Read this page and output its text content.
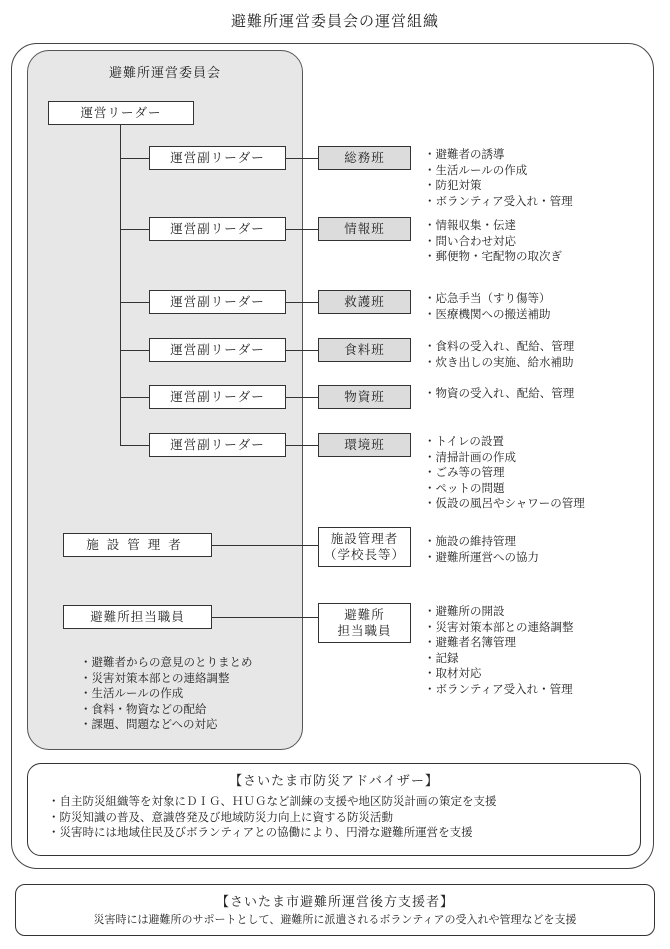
避難所運営委員会の運営組織
避難所運営委員会
運営リーダー
運営副リーダー	総務班	・ 避難者の誘導
・ 生活ルールの作成
・ 防犯対策
・ ボランティア受入れ・管理
運営副リーダー	情報班	・ 情報収集・伝達
・ 問い合わせ対応
・ 郵便物・宅配物の取次ぎ
運営副リーダー	救護班	・ 応急手当（すり傷等）
・ 医療機関への搬送補助
運営副リーダー	食料班	・ 食料の受入れ、配給、管理
・ 炊き出しの実施、給水補助
運営副リーダー	物資班	・ 物資の受入れ、配給、管理
運営副リーダー	環境班	・ トイレの設置
・ 清掃計画の作成
・ ごみ等の管理
・ ペットの問題
・ 仮設の風呂やシャワーの管理
施設管理者	施設管理者
（学校長等）
・ 施設の維持管理
・ 避難所運営への協力
避難所担当職員	避難所
担当職員
・ 避難所の開設
・ 災害対策本部との連絡調整
・ 避難者名簿管理
・ 記録
・ 取材対応
・ ボランティア受入れ・管理
・ 避難者からの意見のとりまとめ
・ 災害対策本部との連絡調整
・ 生活ルールの作成
・ 食料・物資などの配給
・ 課題、問題などへの対応
【さいたま市防災アドバイザー】
・ 自主防災組織等を対象にＤＩＧ、ＨＵＧなど訓練の支援や地区防災計画の策定を支援
・ 防災知識の普及、意識啓発及び地域防災力向上に資する防災活動
・ 災害時には地域住民及びボランティアとの協働により、円滑な避難所運営を支援
【さいたま市避難所運営後方支援者】
災害時には避難所のサポートとして、避難所に派遣されるボランティアの受入れや管理などを支援
